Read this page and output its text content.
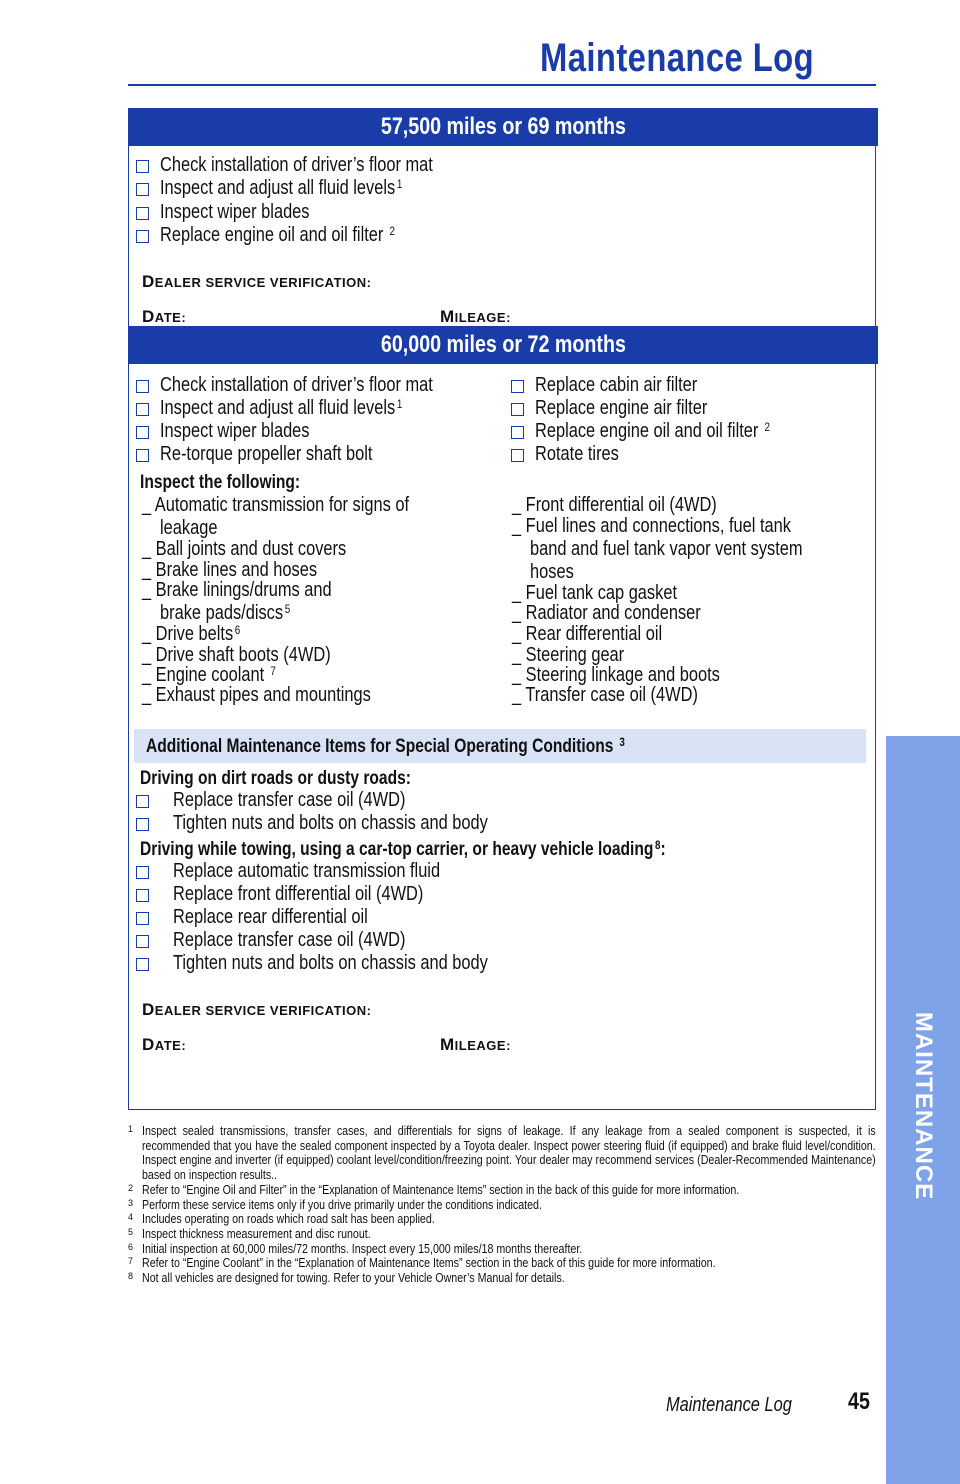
Maintenance Log
MAINTENANCE
57,500 miles or 69 months
Check installation of driver’s floor mat
Inspect and adjust all fluid levels $^1$
Inspect wiper blades
Replace engine oil and oil filter $^2$
DEALER SERVICE VERIFICATION:
DATE:	MILEAGE:
60,000 miles or 72 months
Check installation of driver’s floor mat
Inspect and adjust all fluid levels $^1$
Inspect wiper blades
Re-torque propeller shaft bolt
Replace cabin air filter
Replace engine air filter
Replace engine oil and oil filter $^2$
Rotate tires
Inspect the following:
_ Automatic transmission for signs of
leakage
_ Ball joints and dust covers
_ Brake lines and hoses
_ Brake linings/drums and
brake pads/discs $^5$
_ Drive belts $^6$
_ Drive shaft boots (4WD)
_ Engine coolant $^7$
_ Exhaust pipes and mountings
_ Front differential oil (4WD)
_ Fuel lines and connections, fuel tank
band and fuel tank vapor vent system
hoses
_ Fuel tank cap gasket
_ Radiator and condenser
_ Rear differential oil
_ Steering gear
_ Steering linkage and boots
_ Transfer case oil (4WD)
Additional Maintenance Items for Special Operating Conditions $^3$
Driving on dirt roads or dusty roads:
Replace transfer case oil (4WD)
Tighten nuts and bolts on chassis and body
Driving while towing, using a car-top carrier, or heavy vehicle loading $^8$:
Replace automatic transmission fluid
Replace front differential oil (4WD)
Replace rear differential oil
Replace transfer case oil (4WD)
Tighten nuts and bolts on chassis and body
DEALER SERVICE VERIFICATION:
DATE:	MILEAGE:
1 Inspect sealed transmissions, transfer cases, and differentials for signs of leakage. If any leakage from a sealed component is suspected, it is recommended that you have the sealed component inspected by a Toyota dealer. Inspect power steering fluid (if equipped) and brake fluid level/condition. Inspect engine and inverter (if equipped) coolant level/condition/freezing point. Your dealer may recommend services (Dealer-Recommended Maintenance) based on inspection results..
2 Refer to “Engine Oil and Filter” in the “Explanation of Maintenance Items” section in the back of this guide for more information.
3 Perform these service items only if you drive primarily under the conditions indicated.
4 Includes operating on roads which road salt has been applied.
5 Inspect thickness measurement and disc runout.
6 Initial inspection at 60,000 miles/72 months. Inspect every 15,000 miles/18 months thereafter.
7 Refer to “Engine Coolant” in the “Explanation of Maintenance Items” section in the back of this guide for more information.
8 Not all vehicles are designed for towing. Refer to your Vehicle Owner’s Manual for details.
Maintenance Log	45
